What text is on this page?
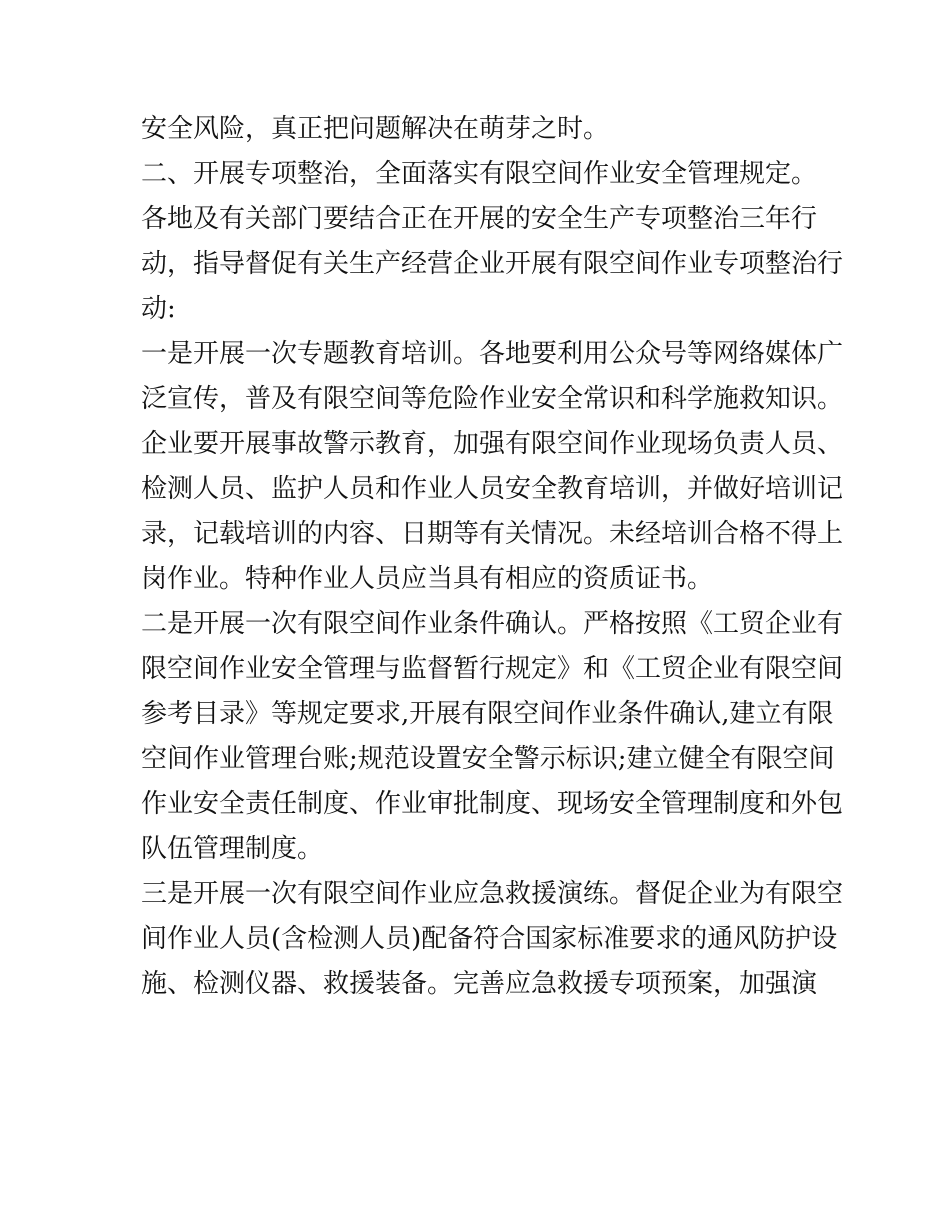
安全风险，真正把问题解决在萌芽之时。
二、开展专项整治，全面落实有限空间作业安全管理规定。
各地及有关部门要结合正在开展的安全生产专项整治三年行
动，指导督促有关生产经营企业开展有限空间作业专项整治行
动:
一是开展一次专题教育培训。各地要利用公众号等网络媒体广
泛宣传，普及有限空间等危险作业安全常识和科学施救知识。
企业要开展事故警示教育，加强有限空间作业现场负责人员、
检测人员、监护人员和作业人员安全教育培训，并做好培训记
录，记载培训的内容、日期等有关情况。未经培训合格不得上
岗作业。特种作业人员应当具有相应的资质证书。
二是开展一次有限空间作业条件确认。严格按照《工贸企业有
限空间作业安全管理与监督暂行规定》和《工贸企业有限空间
参考目录》等规定要求,开展有限空间作业条件确认,建立有限
空间作业管理台账;规范设置安全警示标识;建立健全有限空间
作业安全责任制度、作业审批制度、现场安全管理制度和外包
队伍管理制度。
三是开展一次有限空间作业应急救援演练。督促企业为有限空
间作业人员(含检测人员)配备符合国家标准要求的通风防护设
施、检测仪器、救援装备。完善应急救援专项预案，加强演
